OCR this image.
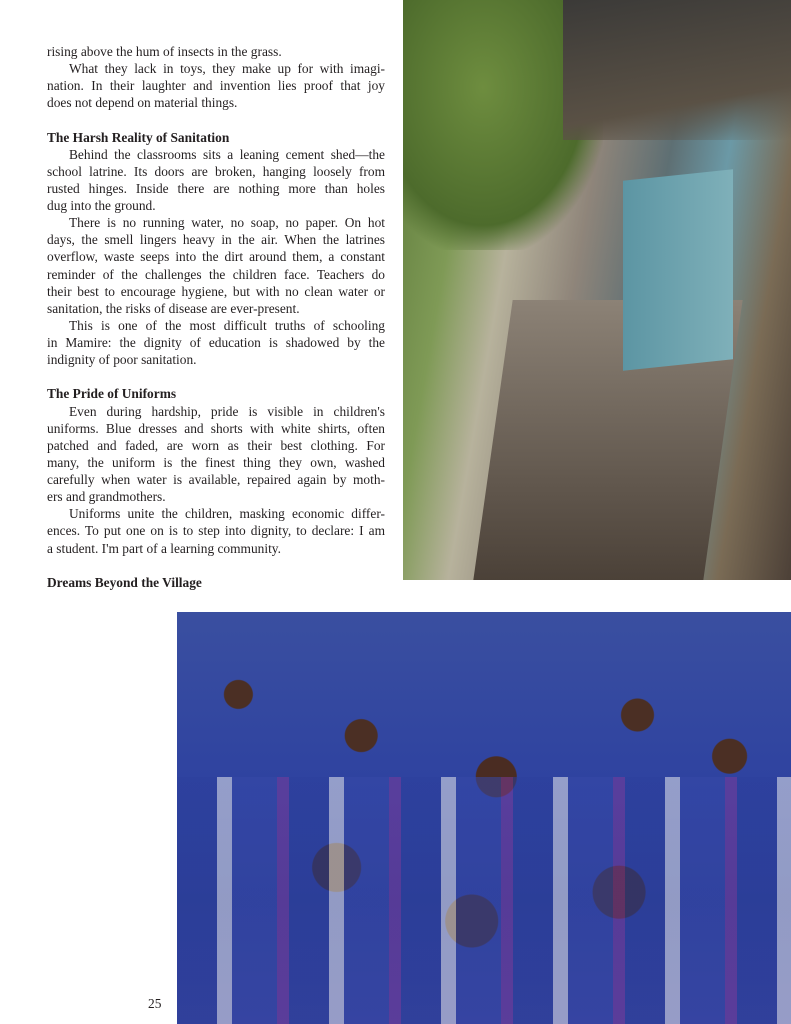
rising above the hum of insects in the grass.
What they lack in toys, they make up for with imagi-
nation. In their laughter and invention lies proof that joy
does not depend on material things.
The Harsh Reality of Sanitation
Behind the classrooms sits a leaning cement shed—the
school latrine. Its doors are broken, hanging loosely from
rusted hinges. Inside there are nothing more than holes
dug into the ground.
There is no running water, no soap, no paper. On hot
days, the smell lingers heavy in the air. When the latrines
overflow, waste seeps into the dirt around them, a constant
reminder of the challenges the children face. Teachers do
their best to encourage hygiene, but with no clean water or
sanitation, the risks of disease are ever-present.
This is one of the most difficult truths of schooling
in Mamire: the dignity of education is shadowed by the
indignity of poor sanitation.
The Pride of Uniforms
Even during hardship, pride is visible in children's
uniforms. Blue dresses and shorts with white shirts, often
patched and faded, are worn as their best clothing. For
many, the uniform is the finest thing they own, washed
carefully when water is available, repaired again by moth-
ers and grandmothers.
Uniforms unite the children, masking economic differ-
ences. To put one on is to step into dignity, to declare: I am
a student. I'm part of a learning community.
Dreams Beyond the Village
25
